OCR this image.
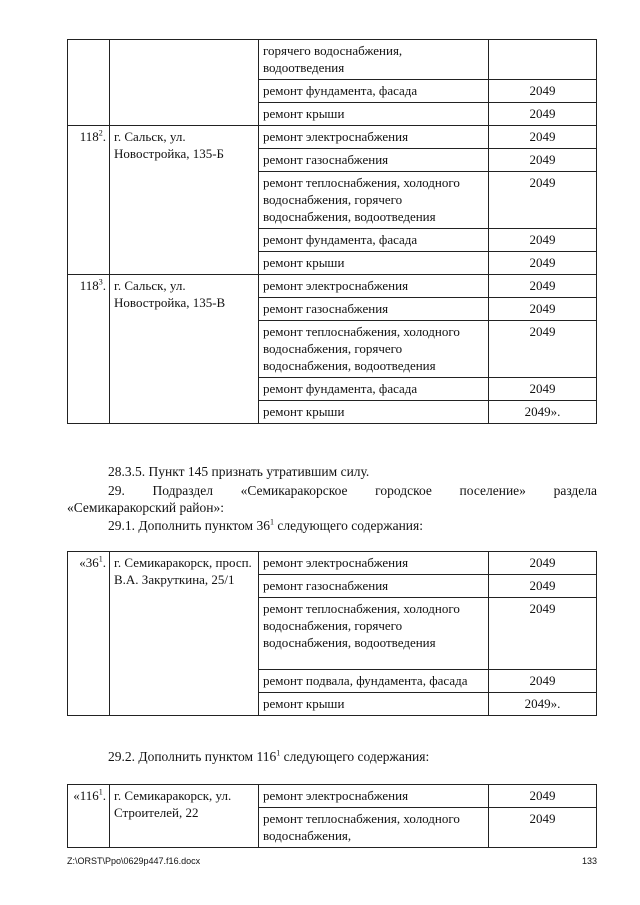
		горячего водоснабжения, водоотведения	
		ремонт фундамента, фасада	2049
		ремонт крыши	2049
$118^2$.	г. Сальск, ул. Новостройка, 135-Б	ремонт электроснабжения	2049
		ремонт газоснабжения	2049
		ремонт теплоснабжения, холодного водоснабжения, горячего водоснабжения, водоотведения	2049
		ремонт фундамента, фасада	2049
		ремонт крыши	2049
$118^3$.	г. Сальск, ул. Новостройка, 135-В	ремонт электроснабжения	2049
		ремонт газоснабжения	2049
		ремонт теплоснабжения, холодного водоснабжения, горячего водоснабжения, водоотведения	2049
		ремонт фундамента, фасада	2049
		ремонт крыши	2049».

28.3.5. Пункт 145 признать утратившим силу.

29. Подраздел «Семикаракорское городское поселение» раздела

«Семикаракорский район»:

29.1. Дополнить пунктом $36^1$ следующего содержания:

«$36^1$.	г. Семикаракорск, просп. В.А. Закруткина, 25/1	ремонт электроснабжения	2049
		ремонт газоснабжения	2049
		ремонт теплоснабжения, холодного водоснабжения, горячего водоснабжения, водоотведения	2049
		ремонт подвала, фундамента, фасада	2049
		ремонт крыши	2049».

29.2. Дополнить пунктом $116^1$ следующего содержания:

«$116^1$.	г. Семикаракорск, ул. Строителей, 22	ремонт электроснабжения	2049
		ремонт теплоснабжения, холодного водоснабжения,	2049
Z:\ORST\Ppo\0629p447.f16.docx	133
